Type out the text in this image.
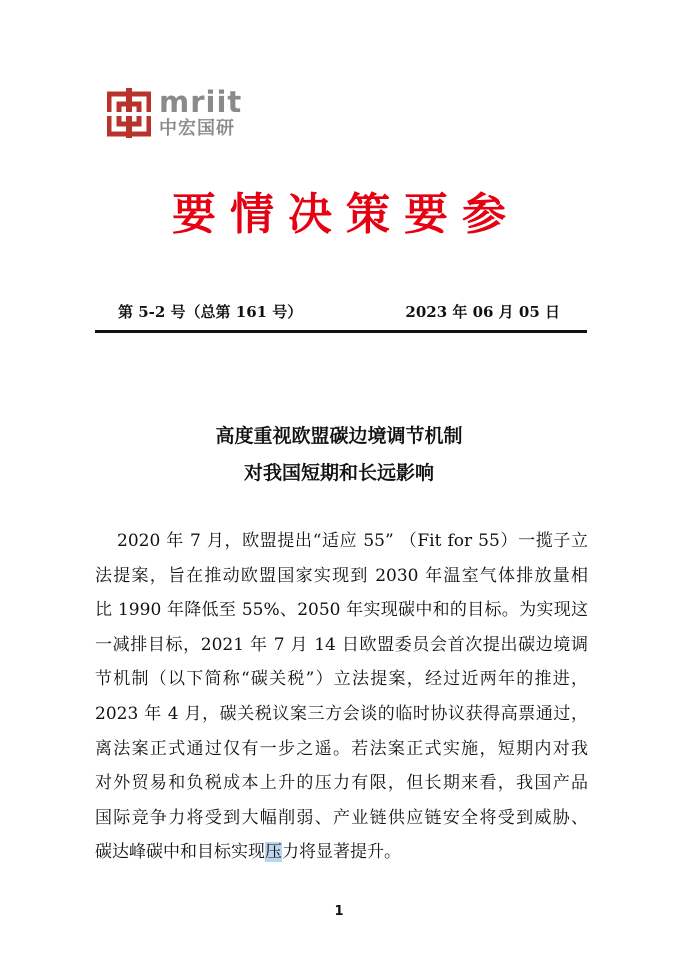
mriit
中宏国研
要情决策要参
第 5-2 号（总第 161 号）	2023 年 06 月 05 日
高度重视欧盟碳边境调节机制
对我国短期和长远影响
2020 年 7 月，欧盟提出“适应 55” （Fit for 55）一揽子立
法提案，旨在推动欧盟国家实现到 2030 年温室气体排放量相
比 1990 年降低至 55%、2050 年实现碳中和的目标。为实现这
一减排目标，2021 年 7 月 14 日欧盟委员会首次提出碳边境调
节机制（以下简称“碳关税”）立法提案，经过近两年的推进，
2023 年 4 月，碳关税议案三方会谈的临时协议获得高票通过，
离法案正式通过仅有一步之遥。若法案正式实施，短期内对我
对外贸易和负税成本上升的压力有限，但长期来看，我国产品
国际竞争力将受到大幅削弱、产业链供应链安全将受到威胁、
碳达峰碳中和目标实现压力将显著提升。
1
